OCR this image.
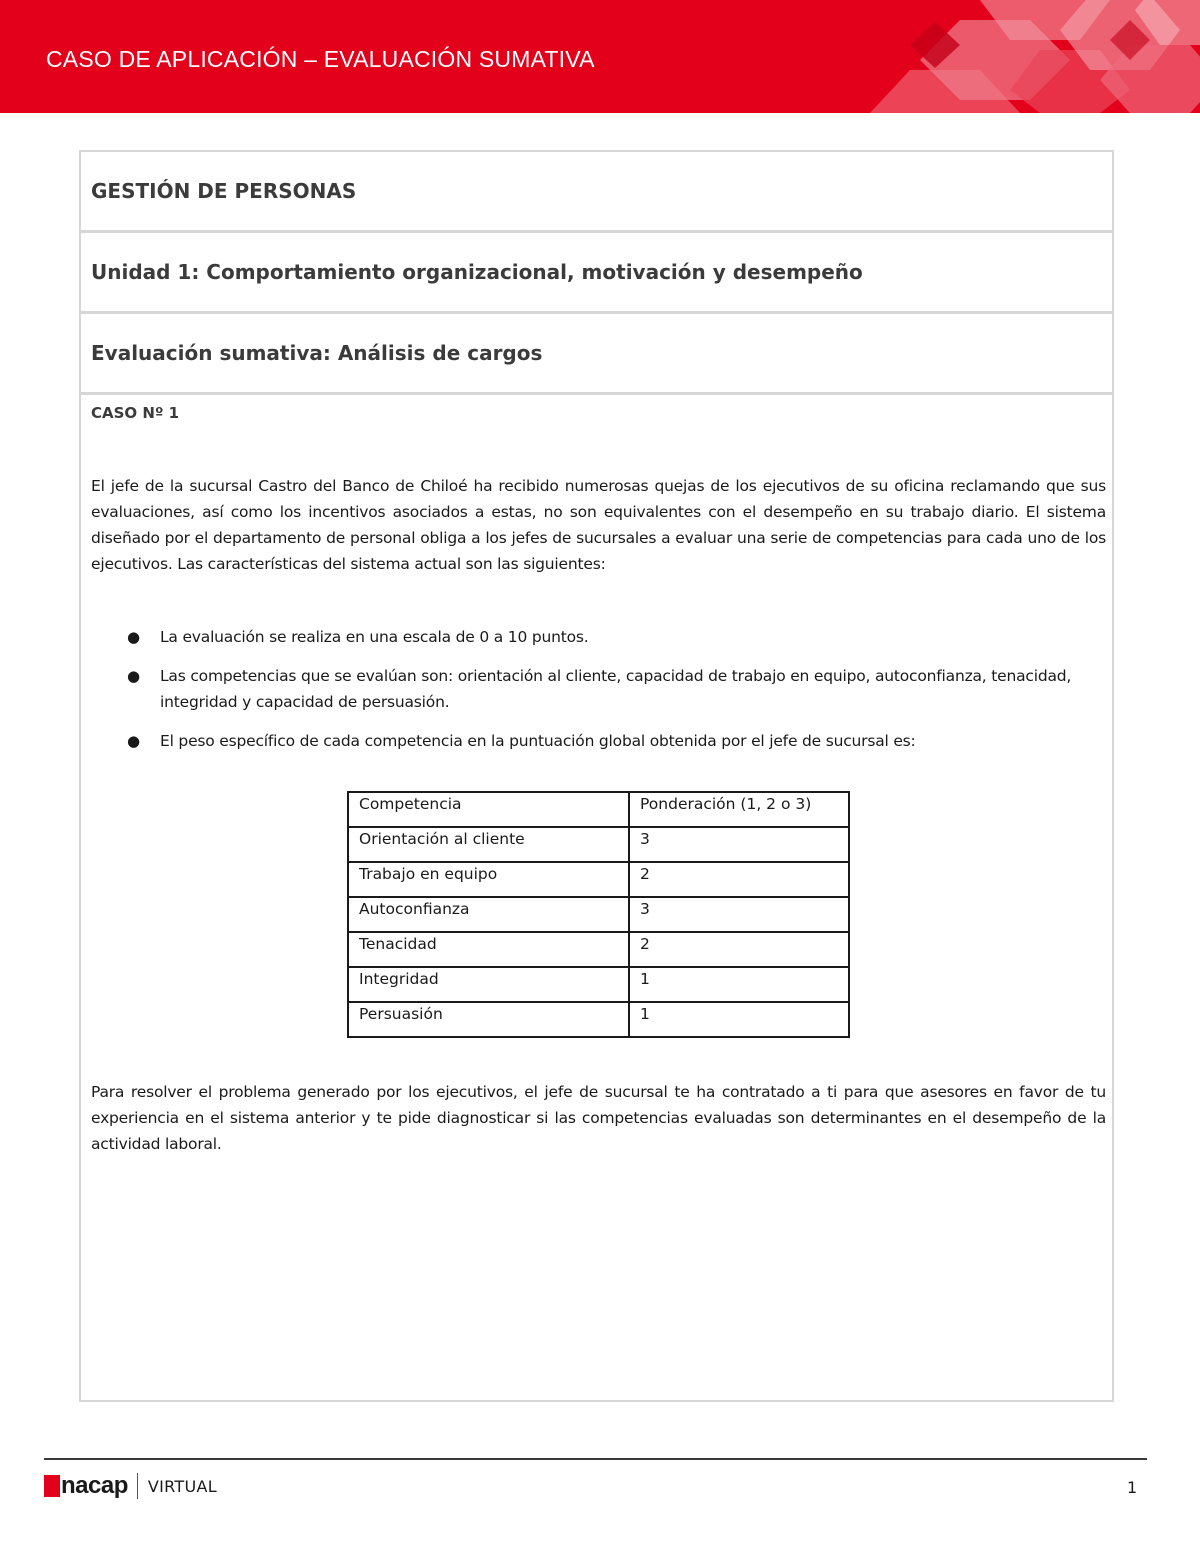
CASO DE APLICACIÓN – EVALUACIÓN SUMATIVA
GESTIÓN DE PERSONAS
Unidad 1: Comportamiento organizacional, motivación y desempeño
Evaluación sumativa: Análisis de cargos
CASO Nº 1

El jefe de la sucursal Castro del Banco de Chiloé ha recibido numerosas quejas de los ejecutivos de su oficina reclamando que sus evaluaciones, así como los incentivos asociados a estas, no son equivalentes con el desempeño en su trabajo diario. El sistema diseñado por el departamento de personal obliga a los jefes de sucursales a evaluar una serie de competencias para cada uno de los ejecutivos. Las características del sistema actual son las siguientes:

● La evaluación se realiza en una escala de 0 a 10 puntos.
● Las competencias que se evalúan son: orientación al cliente, capacidad de trabajo en equipo, autoconfianza, tenacidad, integridad y capacidad de persuasión.
● El peso específico de cada competencia en la puntuación global obtenida por el jefe de sucursal es:
Competencia	Ponderación (1, 2 o 3)
Orientación al cliente	3
Trabajo en equipo	2
Autoconfianza	3
Tenacidad	2
Integridad	1
Persuasión	1

Para resolver el problema generado por los ejecutivos, el jefe de sucursal te ha contratado a ti para que asesores en favor de tu experiencia en el sistema anterior y te pide diagnosticar si las competencias evaluadas son determinantes en el desempeño de la actividad laboral.

nacap VIRTUAL	1
